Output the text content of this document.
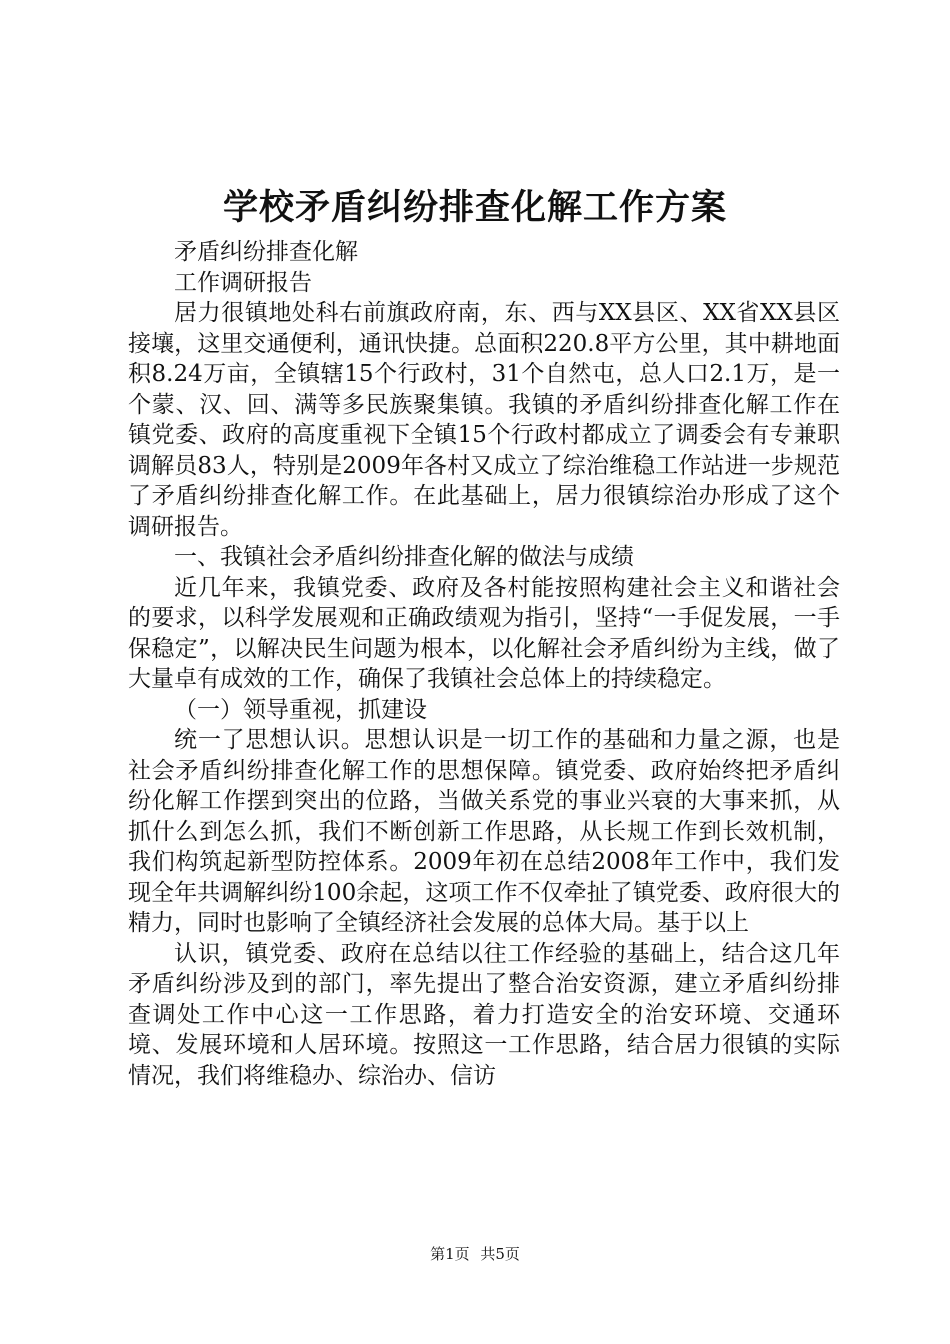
学校矛盾纠纷排查化解工作方案

矛盾纠纷排查化解

工作调研报告

居力很镇地处科右前旗政府南，东、西与XX县区、XX省XX县区接壤，这里交通便利，通讯快捷。总面积220.8平方公里，其中耕地面积8.24万亩，全镇辖15个行政村，31个自然屯，总人口2.1万，是一个蒙、汉、回、满等多民族聚集镇。我镇的矛盾纠纷排查化解工作在镇党委、政府的高度重视下全镇15个行政村都成立了调委会有专兼职调解员83人，特别是2009年各村又成立了综治维稳工作站进一步规范了矛盾纠纷排查化解工作。在此基础上，居力很镇综治办形成了这个调研报告。

一、我镇社会矛盾纠纷排查化解的做法与成绩

近几年来，我镇党委、政府及各村能按照构建社会主义和谐社会的要求，以科学发展观和正确政绩观为指引，坚持“一手促发展，一手保稳定”，以解决民生问题为根本，以化解社会矛盾纠纷为主线，做了大量卓有成效的工作，确保了我镇社会总体上的持续稳定。

（一）领导重视，抓建设

统一了思想认识。思想认识是一切工作的基础和力量之源，也是社会矛盾纠纷排查化解工作的思想保障。镇党委、政府始终把矛盾纠纷化解工作摆到突出的位路，当做关系党的事业兴衰的大事来抓，从抓什么到怎么抓，我们不断创新工作思路，从长规工作到长效机制，我们构筑起新型防控体系。2009年初在总结2008年工作中，我们发现全年共调解纠纷100余起，这项工作不仅牵扯了镇党委、政府很大的精力，同时也影响了全镇经济社会发展的总体大局。基于以上

认识，镇党委、政府在总结以往工作经验的基础上，结合这几年矛盾纠纷涉及到的部门，率先提出了整合治安资源，建立矛盾纠纷排查调处工作中心这一工作思路，着力打造安全的治安环境、交通环境、发展环境和人居环境。按照这一工作思路，结合居力很镇的实际情况，我们将维稳办、综治办、信访

第1页 共5页
